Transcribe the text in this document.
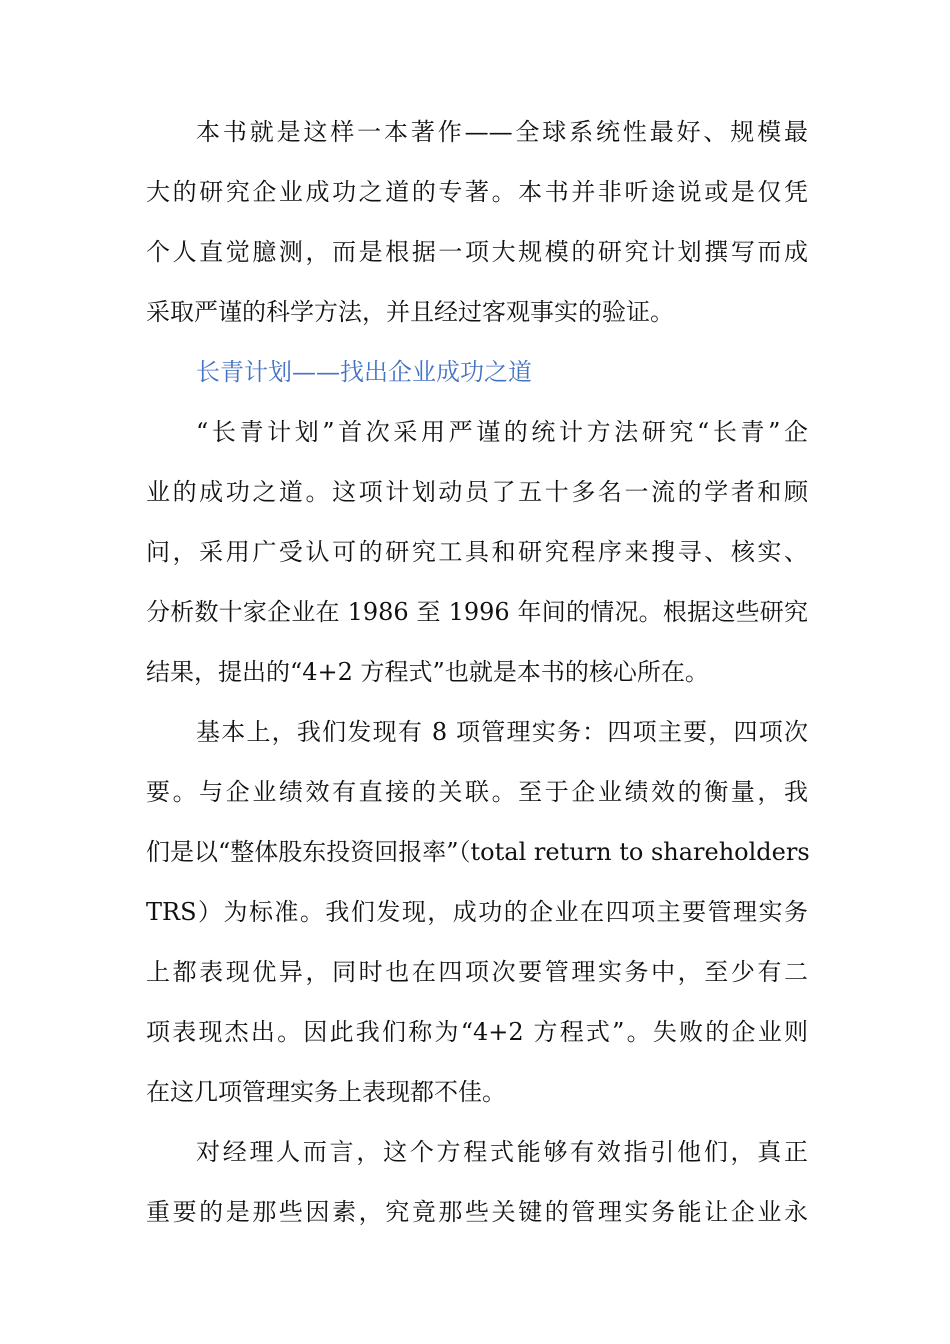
本书就是这样一本著作——全球系统性最好、规模最
大的研究企业成功之道的专著。本书并非听途说或是仅凭
个人直觉臆测，而是根据一项大规模的研究计划撰写而成
采取严谨的科学方法，并且经过客观事实的验证。
长青计划——找出企业成功之道
“长青计划”首次采用严谨的统计方法研究“长青”企
业的成功之道。这项计划动员了五十多名一流的学者和顾
问，采用广受认可的研究工具和研究程序来搜寻、核实、
分析数十家企业在 1986 至 1996 年间的情况。根据这些研究
结果，提出的“4+2 方程式”也就是本书的核心所在。
基本上，我们发现有 8 项管理实务：四项主要，四项次
要。与企业绩效有直接的关联。至于企业绩效的衡量，我
们是以“整体股东投资回报率”（total return to shareholders
TRS）为标准。我们发现，成功的企业在四项主要管理实务
上都表现优异，同时也在四项次要管理实务中，至少有二
项表现杰出。因此我们称为“4+2 方程式”。失败的企业则
在这几项管理实务上表现都不佳。
对经理人而言，这个方程式能够有效指引他们，真正
重要的是那些因素，究竟那些关键的管理实务能让企业永
